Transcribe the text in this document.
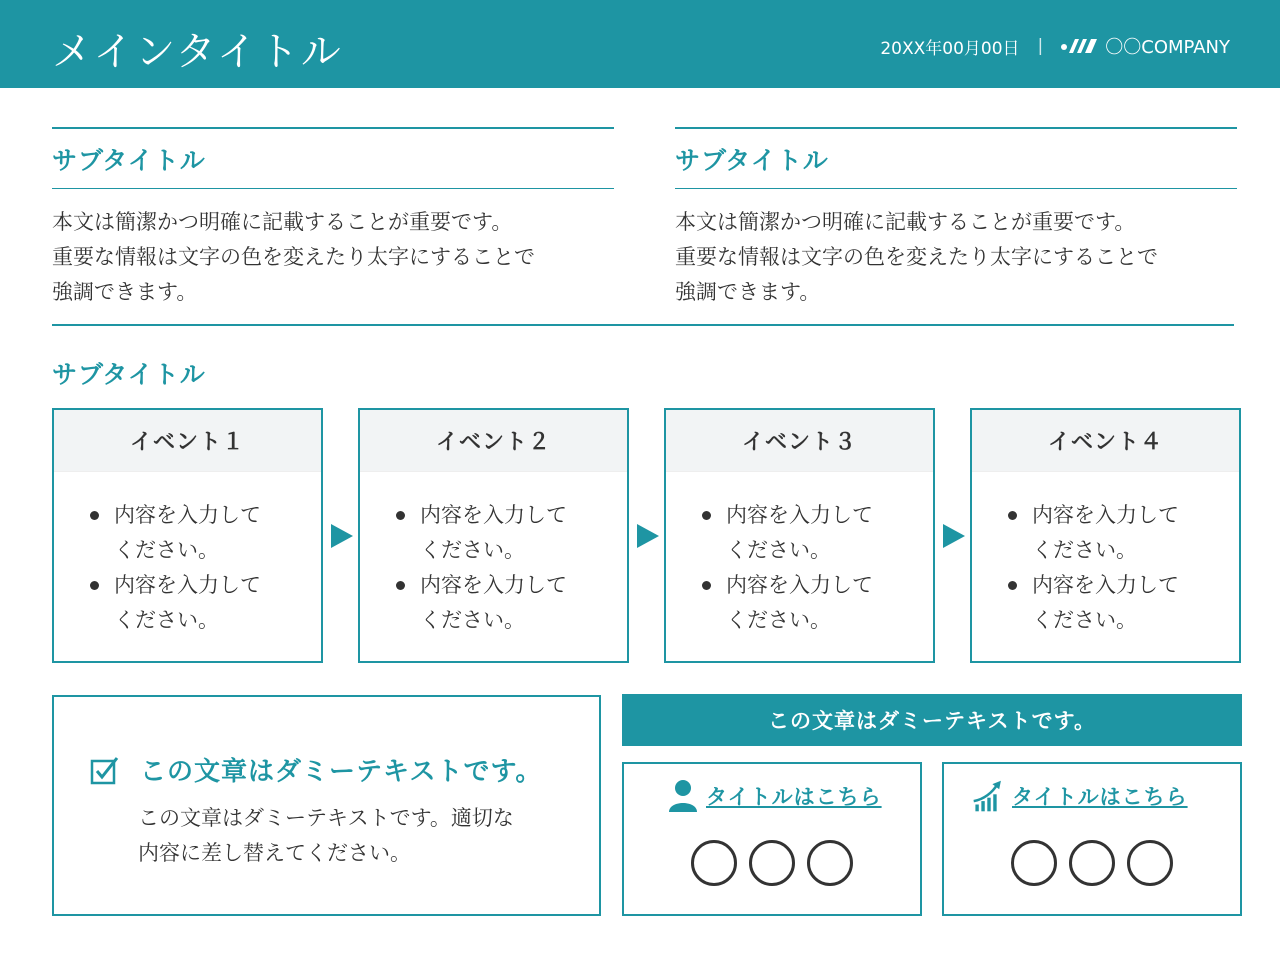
メインタイトル	20XX年00月00日 |	〇〇COMPANY
サブタイトル
本文は簡潔かつ明確に記載することが重要です。
重要な情報は文字の色を変えたり太字にすることで
強調できます。
サブタイトル
本文は簡潔かつ明確に記載することが重要です。
重要な情報は文字の色を変えたり太字にすることで
強調できます。
サブタイトル
イベント１
内容を入力して
ください。
内容を入力して
ください。
イベント２
内容を入力して
ください。
内容を入力して
ください。
イベント３
内容を入力して
ください。
内容を入力して
ください。
イベント４
内容を入力して
ください。
内容を入力して
ください。
この文章はダミーテキストです。
この文章はダミーテキストです。適切な
内容に差し替えてください。
この文章はダミーテキストです。
タイトルはこちら	タイトルはこちら
